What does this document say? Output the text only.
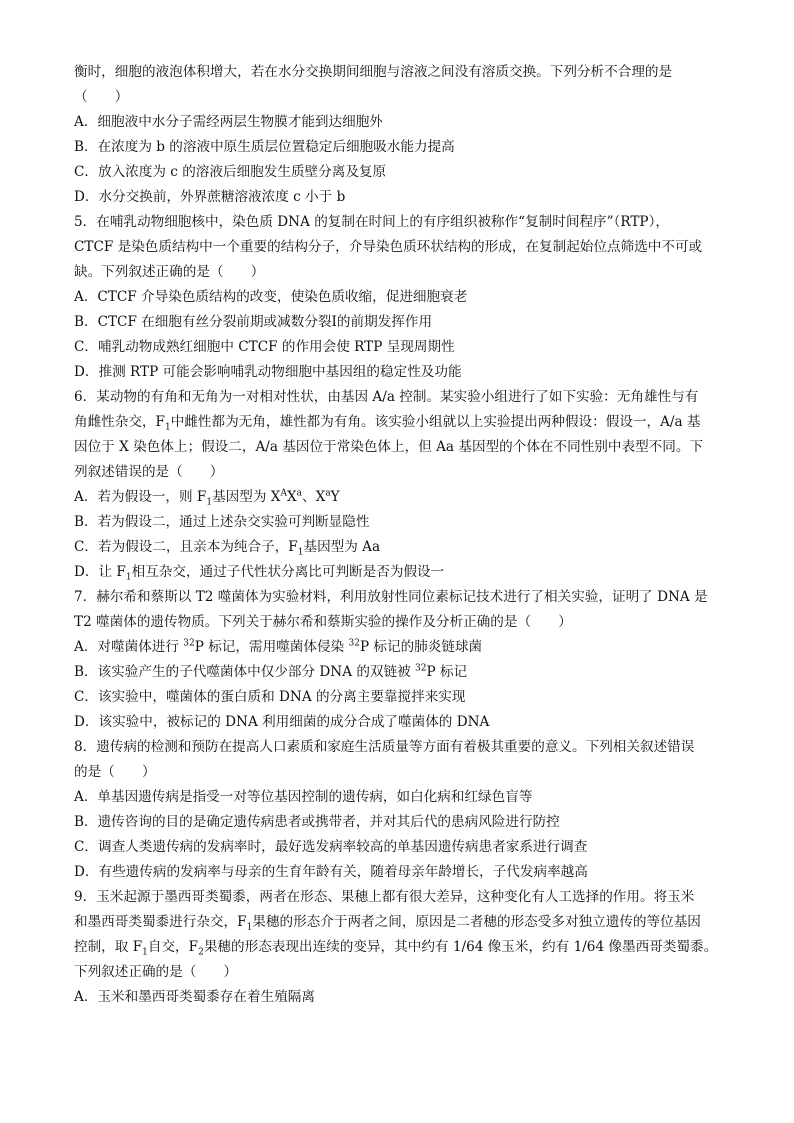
衡时，细胞的液泡体积增大，若在水分交换期间细胞与溶液之间没有溶质交换。下列分析不合理的是
（　　）
A．细胞液中水分子需经两层生物膜才能到达细胞外
B．在浓度为 b 的溶液中原生质层位置稳定后细胞吸水能力提高
C．放入浓度为 c 的溶液后细胞发生质壁分离及复原
D．水分交换前，外界蔗糖溶液浓度 c 小于 b
5．在哺乳动物细胞核中，染色质 DNA 的复制在时间上的有序组织被称作“复制时间程序”（RTP），
CTCF 是染色质结构中一个重要的结构分子，介导染色质环状结构的形成，在复制起始位点筛选中不可或
缺。下列叙述正确的是（　　）
A．CTCF 介导染色质结构的改变，使染色质收缩，促进细胞衰老
B．CTCF 在细胞有丝分裂前期或减数分裂Ⅰ的前期发挥作用
C．哺乳动物成熟红细胞中 CTCF 的作用会使 RTP 呈现周期性
D．推测 RTP 可能会影响哺乳动物细胞中基因组的稳定性及功能
6．某动物的有角和无角为一对相对性状，由基因 A/a 控制。某实验小组进行了如下实验：无角雄性与有
角雌性杂交，$F_1$中雌性都为无角，雄性都为有角。该实验小组就以上实验提出两种假设：假设一，A/a 基
因位于 X 染色体上；假设二，A/a 基因位于常染色体上，但 Aa 基因型的个体在不同性别中表型不同。下
列叙述错误的是（　　）
A．若为假设一，则 $F_1$基因型为 $X^AX^a$、$X^aY$
B．若为假设二，通过上述杂交实验可判断显隐性
C．若为假设二，且亲本为纯合子，$F_1$基因型为 Aa
D．让 $F_1$相互杂交，通过子代性状分离比可判断是否为假设一
7．赫尔希和蔡斯以 T2 噬菌体为实验材料，利用放射性同位素标记技术进行了相关实验，证明了 DNA 是
T2 噬菌体的遗传物质。下列关于赫尔希和蔡斯实验的操作及分析正确的是（　　）
A．对噬菌体进行 $^{32}$P 标记，需用噬菌体侵染 $^{32}$P 标记的肺炎链球菌
B．该实验产生的子代噬菌体中仅少部分 DNA 的双链被 $^{32}$P 标记
C．该实验中，噬菌体的蛋白质和 DNA 的分离主要靠搅拌来实现
D．该实验中，被标记的 DNA 利用细菌的成分合成了噬菌体的 DNA
8．遗传病的检测和预防在提高人口素质和家庭生活质量等方面有着极其重要的意义。下列相关叙述错误
的是（　　）
A．单基因遗传病是指受一对等位基因控制的遗传病，如白化病和红绿色盲等
B．遗传咨询的目的是确定遗传病患者或携带者，并对其后代的患病风险进行防控
C．调查人类遗传病的发病率时，最好选发病率较高的单基因遗传病患者家系进行调查
D．有些遗传病的发病率与母亲的生育年龄有关，随着母亲年龄增长，子代发病率越高
9．玉米起源于墨西哥类蜀黍，两者在形态、果穗上都有很大差异，这种变化有人工选择的作用。将玉米
和墨西哥类蜀黍进行杂交，$F_1$果穗的形态介于两者之间，原因是二者穗的形态受多对独立遗传的等位基因
控制，取 $F_1$自交，$F_2$果穗的形态表现出连续的变异，其中约有 1/64 像玉米，约有 1/64 像墨西哥类蜀黍。
下列叙述正确的是（　　）
A．玉米和墨西哥类蜀黍存在着生殖隔离
